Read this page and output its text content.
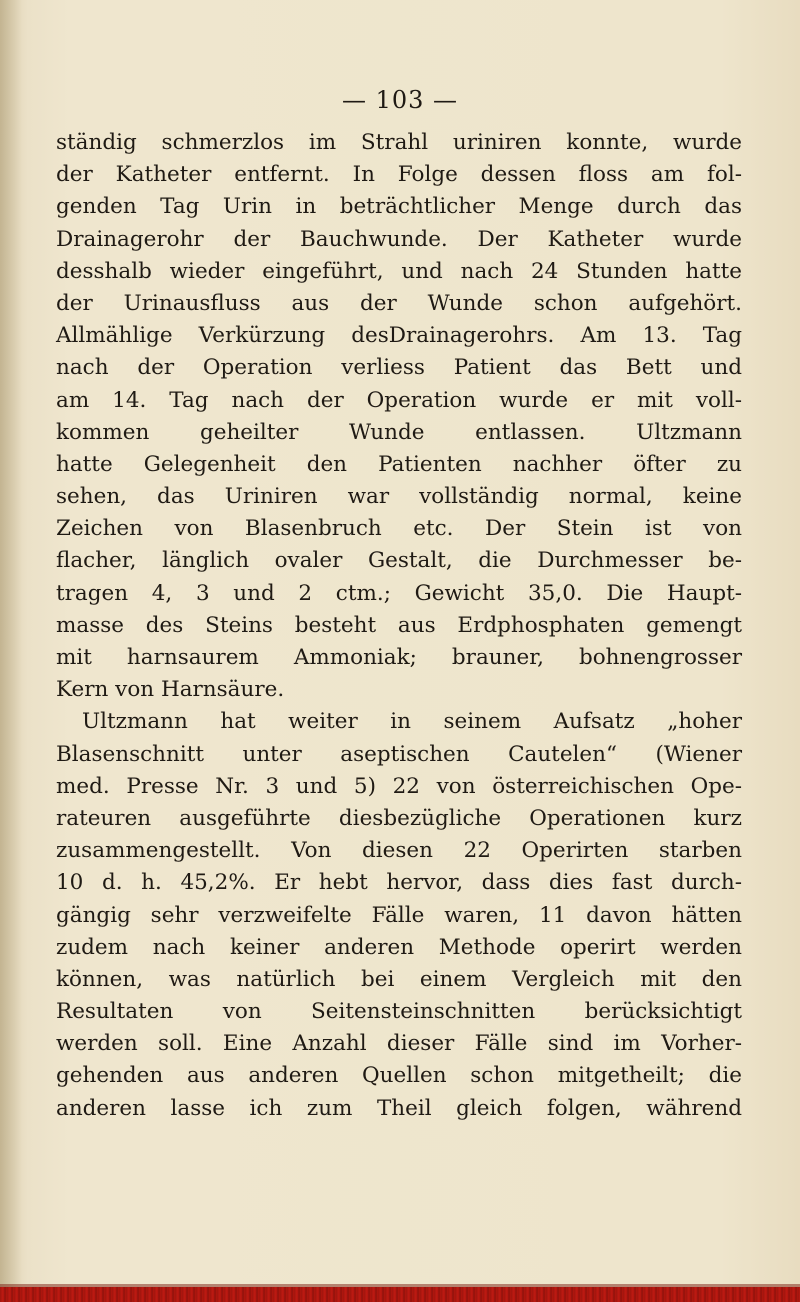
— 103 —
ständig schmerzlos im Strahl uriniren konnte, wurde
der Katheter entfernt. In Folge dessen floss am fol-
genden Tag Urin in beträchtlicher Menge durch das
Drainagerohr der Bauchwunde. Der Katheter wurde
desshalb wieder eingeführt, und nach 24 Stunden hatte
der Urinausfluss aus der Wunde schon aufgehört.
Allmählige Verkürzung desDrainagerohrs. Am 13. Tag
nach der Operation verliess Patient das Bett und
am 14. Tag nach der Operation wurde er mit voll-
kommen geheilter Wunde entlassen. Ultzmann
hatte Gelegenheit den Patienten nachher öfter zu
sehen, das Uriniren war vollständig normal, keine
Zeichen von Blasenbruch etc. Der Stein ist von
flacher, länglich ovaler Gestalt, die Durchmesser be-
tragen 4, 3 und 2 ctm.; Gewicht 35,0. Die Haupt-
masse des Steins besteht aus Erdphosphaten gemengt
mit harnsaurem Ammoniak; brauner, bohnengrosser
Kern von Harnsäure.
Ultzmann hat weiter in seinem Aufsatz „hoher
Blasenschnitt unter aseptischen Cautelen“ (Wiener
med. Presse Nr. 3 und 5) 22 von österreichischen Ope-
rateuren ausgeführte diesbezügliche Operationen kurz
zusammengestellt. Von diesen 22 Operirten starben
10 d. h. 45,2%. Er hebt hervor, dass dies fast durch-
gängig sehr verzweifelte Fälle waren, 11 davon hätten
zudem nach keiner anderen Methode operirt werden
können, was natürlich bei einem Vergleich mit den
Resultaten von Seitensteinschnitten berücksichtigt
werden soll. Eine Anzahl dieser Fälle sind im Vorher-
gehenden aus anderen Quellen schon mitgetheilt; die
anderen lasse ich zum Theil gleich folgen, während
